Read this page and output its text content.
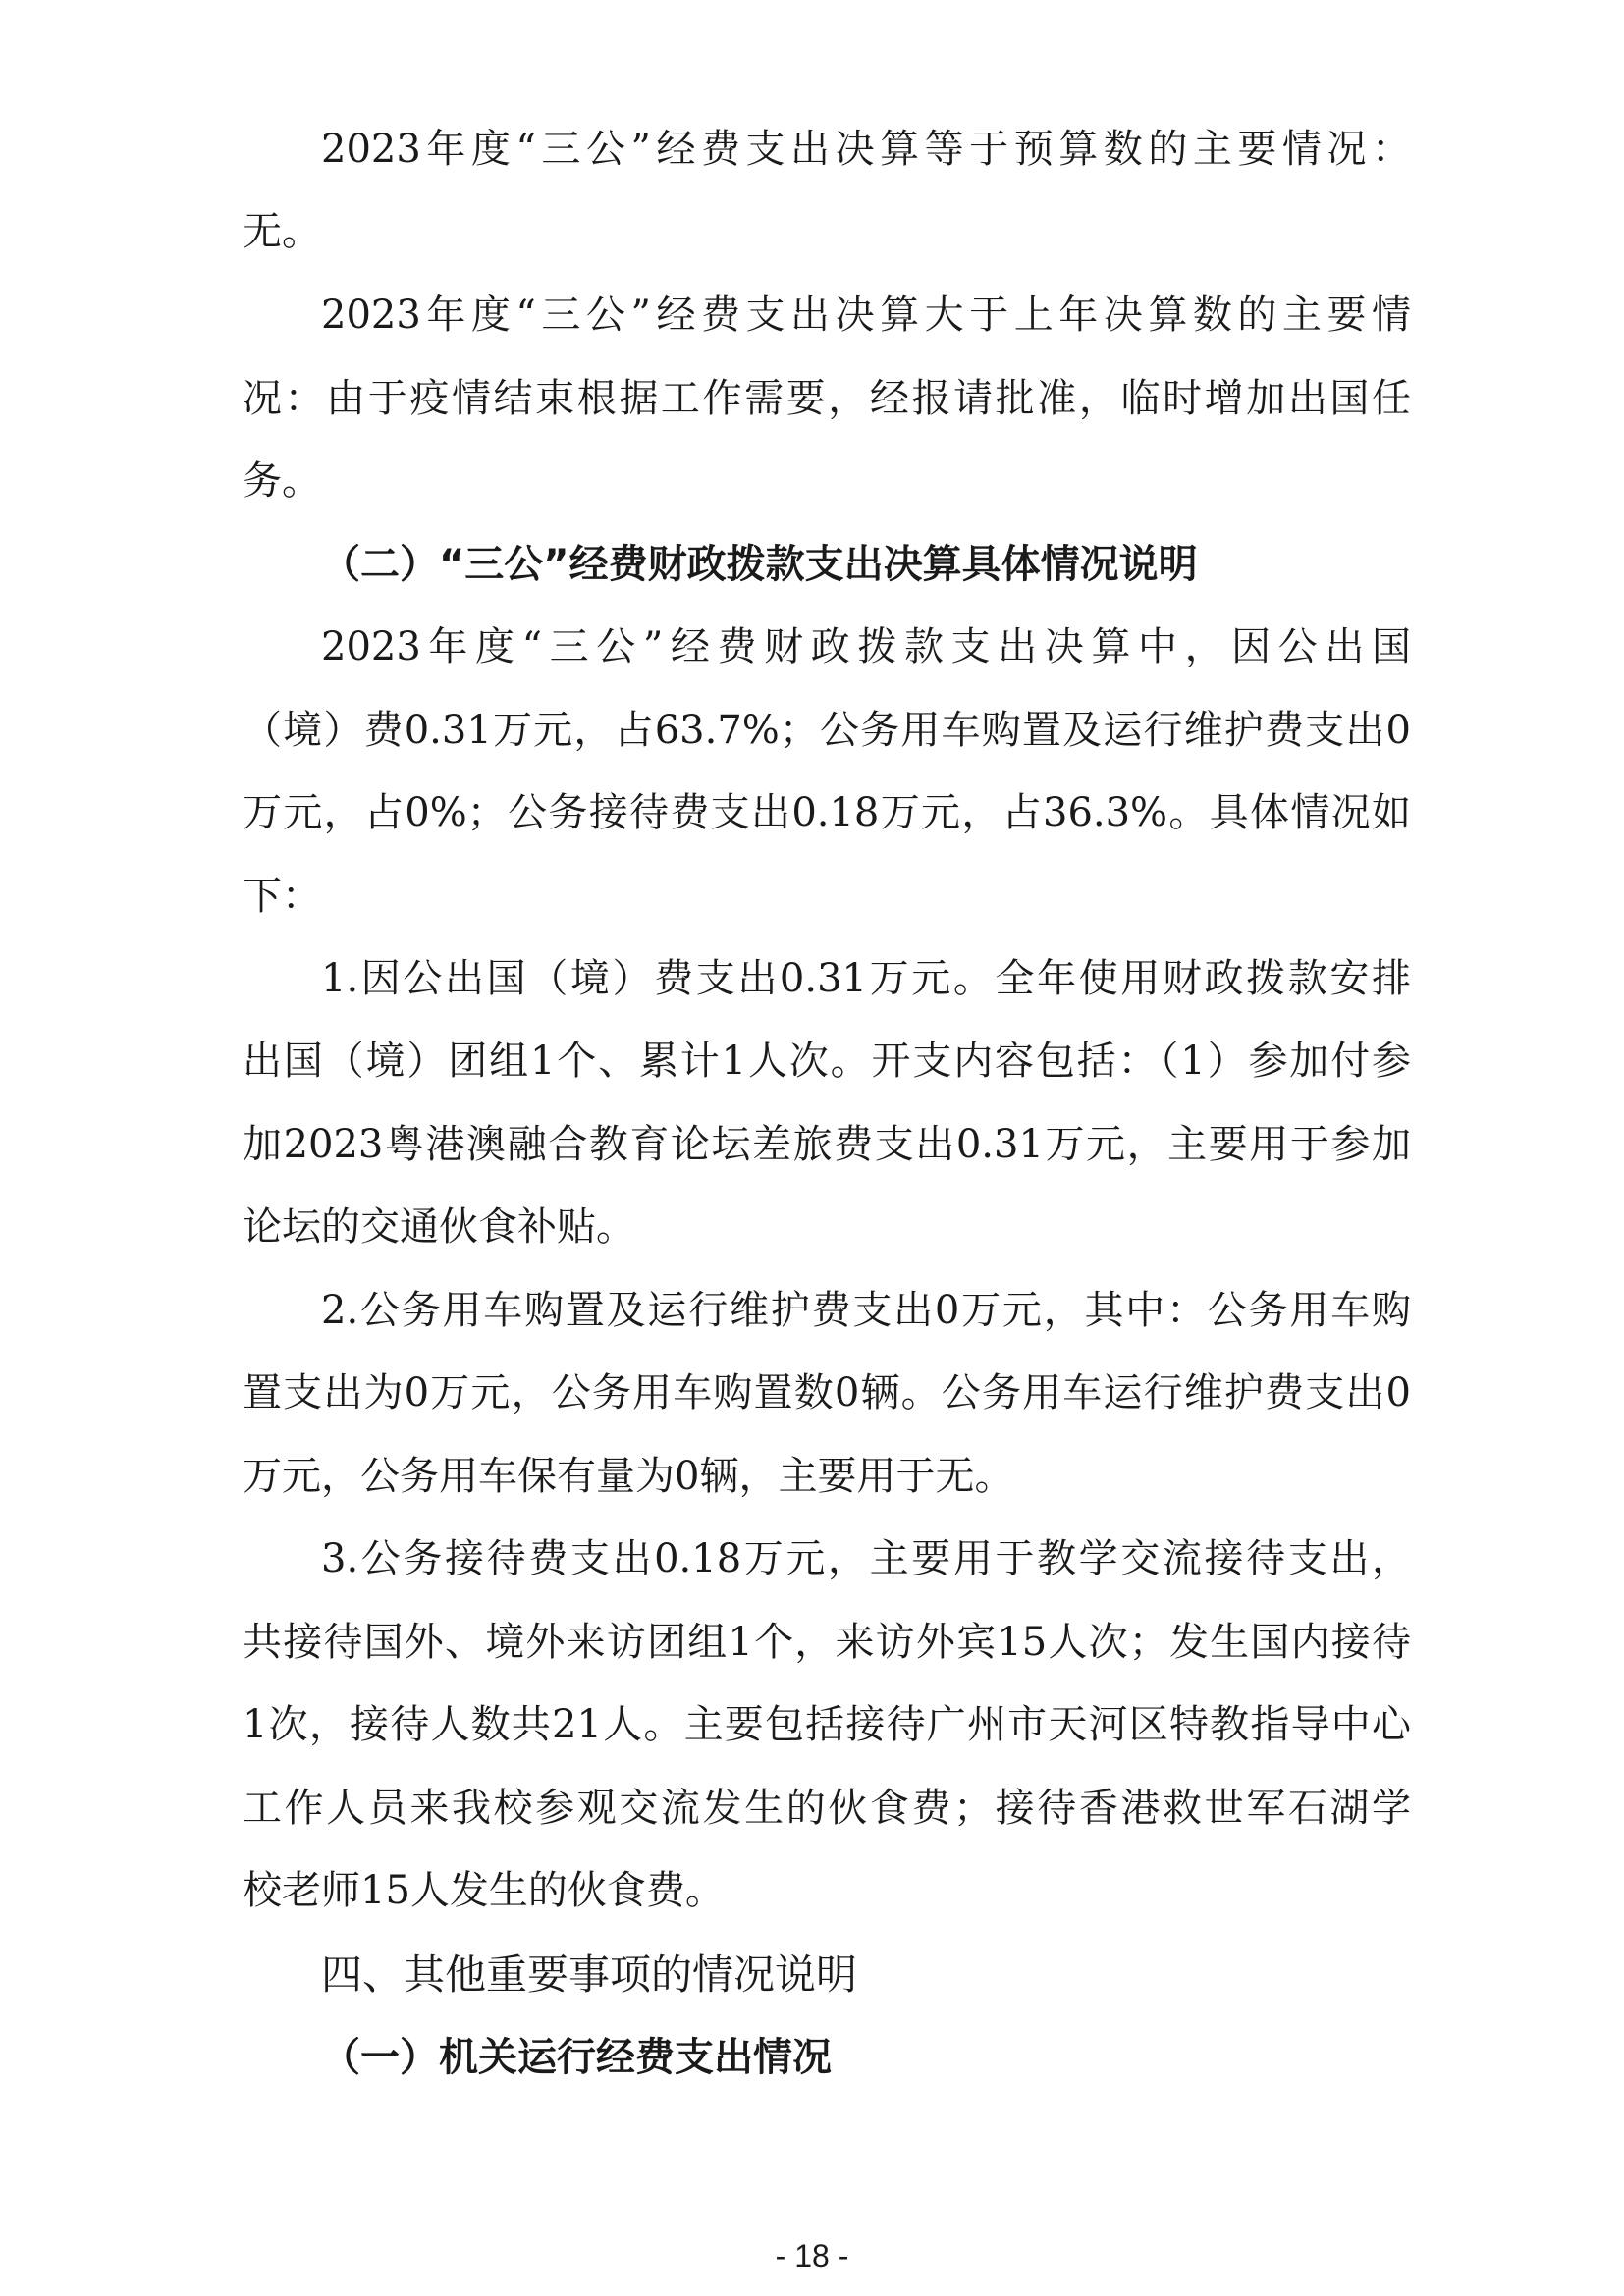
2023年度“三公”经费支出决算等于预算数的主要情况：
无。
2023年度“三公”经费支出决算大于上年决算数的主要情
况：由于疫情结束根据工作需要，经报请批准，临时增加出国任
务。
（二）“三公”经费财政拨款支出决算具体情况说明
2023年度“三公”经费财政拨款支出决算中，因公出国
（境）费0.31万元，占63.7%；公务用车购置及运行维护费支出0
万元，占0%；公务接待费支出0.18万元，占36.3%。具体情况如
下：
1.因公出国（境）费支出0.31万元。全年使用财政拨款安排
出国（境）团组1个、累计1人次。开支内容包括：（1）参加付参
加2023粤港澳融合教育论坛差旅费支出0.31万元，主要用于参加
论坛的交通伙食补贴。
2.公务用车购置及运行维护费支出0万元，其中：公务用车购
置支出为0万元，公务用车购置数0辆。公务用车运行维护费支出0
万元，公务用车保有量为0辆，主要用于无。
3.公务接待费支出0.18万元，主要用于教学交流接待支出，
共接待国外、境外来访团组1个，来访外宾15人次；发生国内接待
1次，接待人数共21人。主要包括接待广州市天河区特教指导中心
工作人员来我校参观交流发生的伙食费；接待香港救世军石湖学
校老师15人发生的伙食费。
四、其他重要事项的情况说明
（一）机关运行经费支出情况
- 18 -
